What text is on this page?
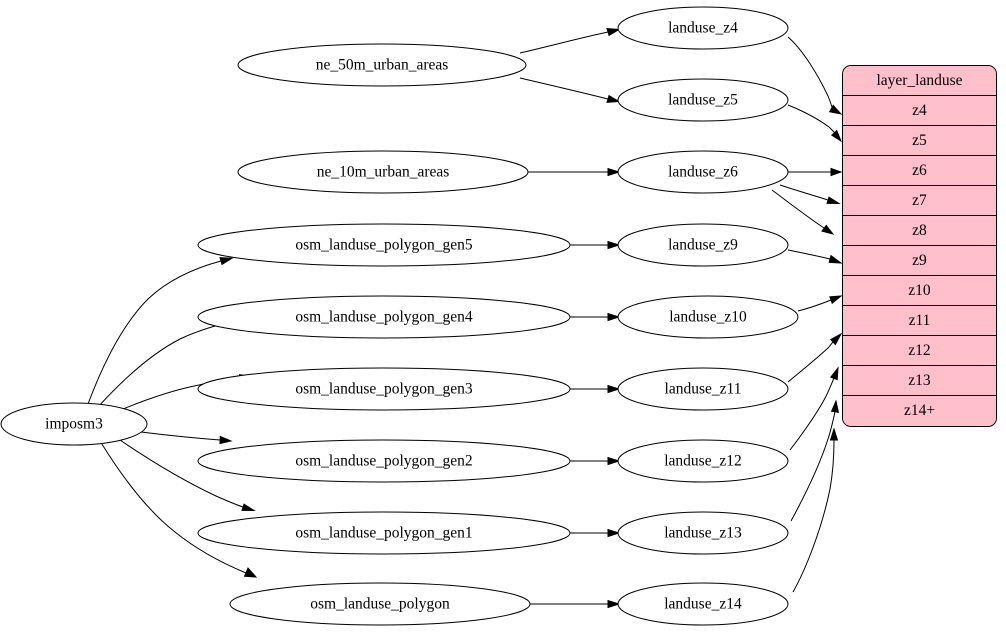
imposm3
ne_50m_urban_areas
ne_10m_urban_areas
osm_landuse_polygon_gen5
osm_landuse_polygon_gen4
osm_landuse_polygon_gen3
osm_landuse_polygon_gen2
osm_landuse_polygon_gen1
osm_landuse_polygon
landuse_z4
landuse_z5
landuse_z6
landuse_z9
landuse_z10
landuse_z11
landuse_z12
landuse_z13
landuse_z14
layer_landuse
z4
z5
z6
z7
z8
z9
z10
z11
z12
z13
z14+
